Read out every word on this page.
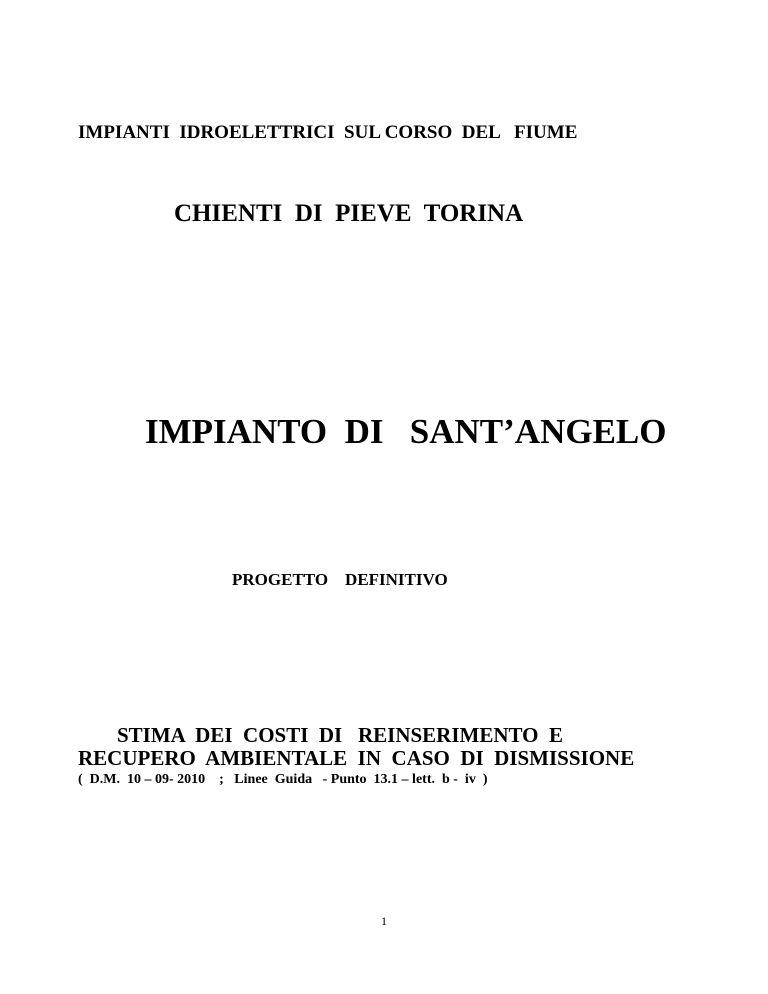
IMPIANTI  IDROELETTRICI  SUL CORSO  DEL   FIUME

CHIENTI  DI  PIEVE  TORINA

IMPIANTO  DI   SANT’ANGELO

PROGETTO    DEFINITIVO

STIMA  DEI  COSTI  DI   REINSERIMENTO  E

RECUPERO  AMBIENTALE  IN  CASO  DI  DISMISSIONE

(  D.M.  10 – 09- 2010    ;   Linee  Guida   - Punto  13.1 – lett.  b -  iv  )

1
